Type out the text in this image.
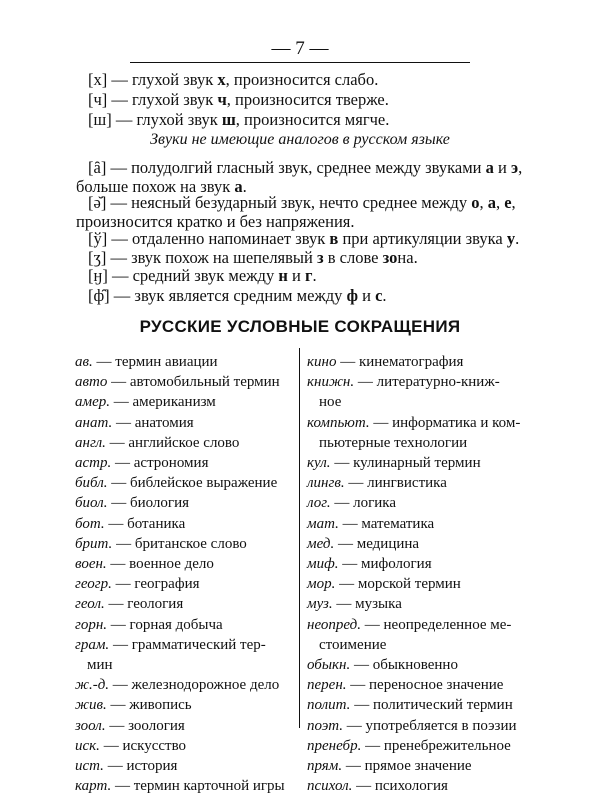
— 7 —
[х] — глухой звук х, произносится слабо.
[ч] — глухой звук ч, произносится тверже.
[ш] — глухой звук ш, произносится мягче.
Звуки не имеющие аналогов в русском языке
[ȃ] — полудолгий гласный звук, среднее между звуками а и э,
больше похож на звук а.
[ǝ̆] — неясный безударный звук, нечто среднее между о, а, е,
произносится кратко и без напряжения.
[ў] — отдаленно напоминает звук в при артикуляции звука у.
[ʒ] — звук похож на шепелявый з в слове зона.
[ӈ] — средний звук между н и г.
[ф̑] — звук является средним между ф и с.
РУССКИЕ УСЛОВНЫЕ СОКРАЩЕНИЯ
ав. — термин авиации
авто — автомобильный термин
амер. — американизм
анат. — анатомия
англ. — английское слово
астр. — астрономия
библ. — библейское выражение
биол. — биология
бот. — ботаника
брит. — британское слово
воен. — военное дело
геогр. — география
геол. — геология
горн. — горная добыча
грам. — грамматический тер-
мин
ж.-д. — железнодорожное дело
жив. — живопись
зоол. — зоология
иск. — искусство
ист. — история
карт. — термин карточной игры
кино — кинематография
книжн. — литературно-книж-
ное
компьют. — информатика и ком-
пьютерные технологии
кул. — кулинарный термин
лингв. — лингвистика
лог. — логика
мат. — математика
мед. — медицина
миф. — мифология
мор. — морской термин
муз. — музыка
неопред. — неопределенное ме-
стоимение
обыкн. — обыкновенно
перен. — переносное значение
полит. — политический термин
поэт. — употребляется в поэзии
пренебр. — пренебрежительное
прям. — прямое значение
психол. — психология
